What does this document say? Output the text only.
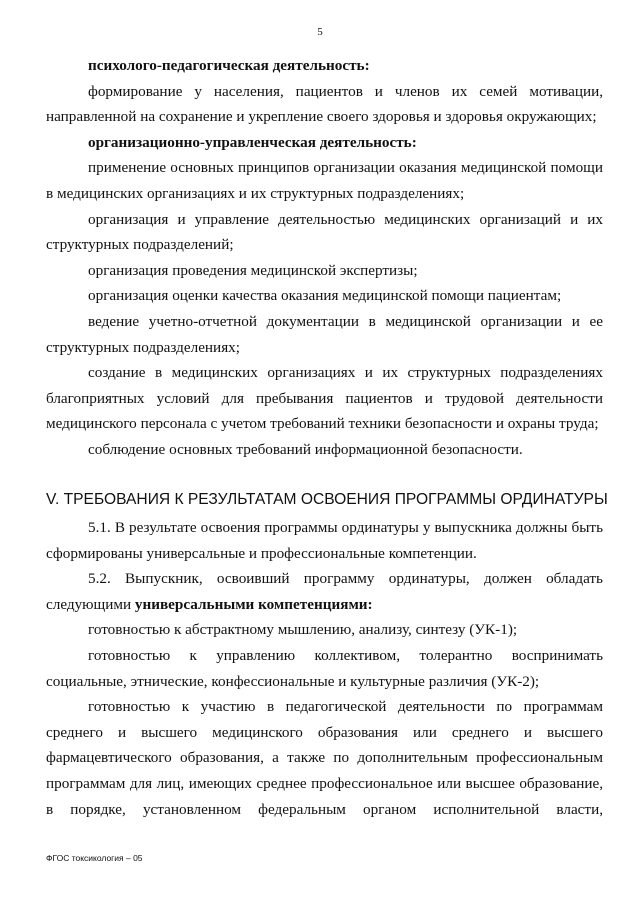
5

психолого-педагогическая деятельность:

формирование у населения, пациентов и членов их семей мотивации, направленной на сохранение и укрепление своего здоровья и здоровья окружающих;

организационно-управленческая деятельность:

применение основных принципов организации оказания медицинской помощи в медицинских организациях и их структурных подразделениях;

организация и управление деятельностью медицинских организаций и их структурных подразделений;

организация проведения медицинской экспертизы;

организация оценки качества оказания медицинской помощи пациентам;

ведение учетно-отчетной документации в медицинской организации и ее структурных подразделениях;

создание в медицинских организациях и их структурных подразделениях благоприятных условий для пребывания пациентов и трудовой деятельности медицинского персонала с учетом требований техники безопасности и охраны труда;

соблюдение основных требований информационной безопасности.

V. ТРЕБОВАНИЯ К РЕЗУЛЬТАТАМ ОСВОЕНИЯ ПРОГРАММЫ ОРДИНАТУРЫ

5.1. В результате освоения программы ординатуры у выпускника должны быть сформированы универсальные и профессиональные компетенции.

5.2. Выпускник, освоивший программу ординатуры, должен обладать следующими универсальными компетенциями:

готовностью к абстрактному мышлению, анализу, синтезу (УК-1);

готовностью к управлению коллективом, толерантно воспринимать социальные, этнические, конфессиональные и культурные различия (УК-2);

готовностью к участию в педагогической деятельности по программам среднего и высшего медицинского образования или среднего и высшего фармацевтического образования, а также по дополнительным профессиональным программам для лиц, имеющих среднее профессиональное или высшее образование, в порядке, установленном федеральным органом исполнительной власти,

ФГОС токсикология – 05
